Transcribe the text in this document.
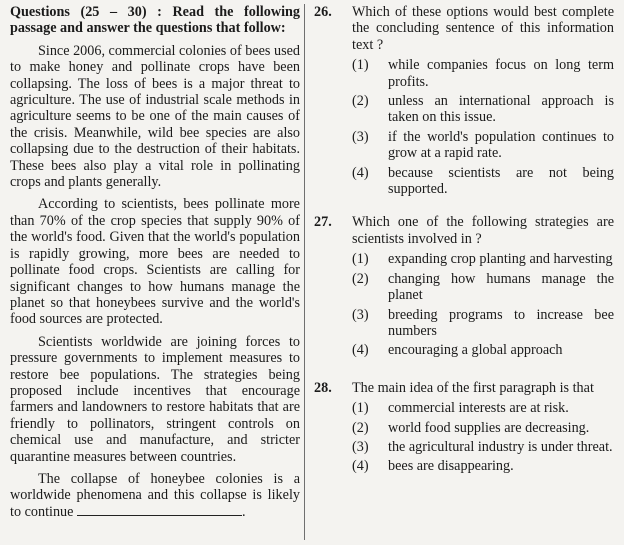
Questions (25 – 30) : Read the following passage and answer the questions that follow:

Since 2006, commercial colonies of bees used to make honey and pollinate crops have been collapsing. The loss of bees is a major threat to agriculture. The use of industrial scale methods in agriculture seems to be one of the main causes of the crisis. Meanwhile, wild bee species are also collapsing due to the destruction of their habitats. These bees also play a vital role in pollinating crops and plants generally.

According to scientists, bees pollinate more than 70% of the crop species that supply 90% of the world's food. Given that the world's population is rapidly growing, more bees are needed to pollinate food crops. Scientists are calling for significant changes to how humans manage the planet so that honeybees survive and the world's food sources are protected.

Scientists worldwide are joining forces to pressure governments to implement measures to restore bee populations. The strategies being proposed include incentives that encourage farmers and landowners to restore habitats that are friendly to pollinators, stringent controls on chemical use and manufacture, and stricter quarantine measures between countries.

The collapse of honeybee colonies is a worldwide phenomena and this collapse is likely to continue	.

26.	Which of these options would best complete the concluding sentence of this information text ?
(1)	while companies focus on long term profits.
(2)	unless an international approach is taken on this issue.
(3)	if the world's population continues to grow at a rapid rate.
(4)	because scientists are not being supported.
27.	Which one of the following strategies are scientists involved in ?
(1)	expanding crop planting and harvesting
(2)	changing how humans manage the planet
(3)	breeding programs to increase bee numbers
(4)	encouraging a global approach
28.	The main idea of the first paragraph is that
(1)	commercial interests are at risk.
(2)	world food supplies are decreasing.
(3)	the agricultural industry is under threat.
(4)	bees are disappearing.
